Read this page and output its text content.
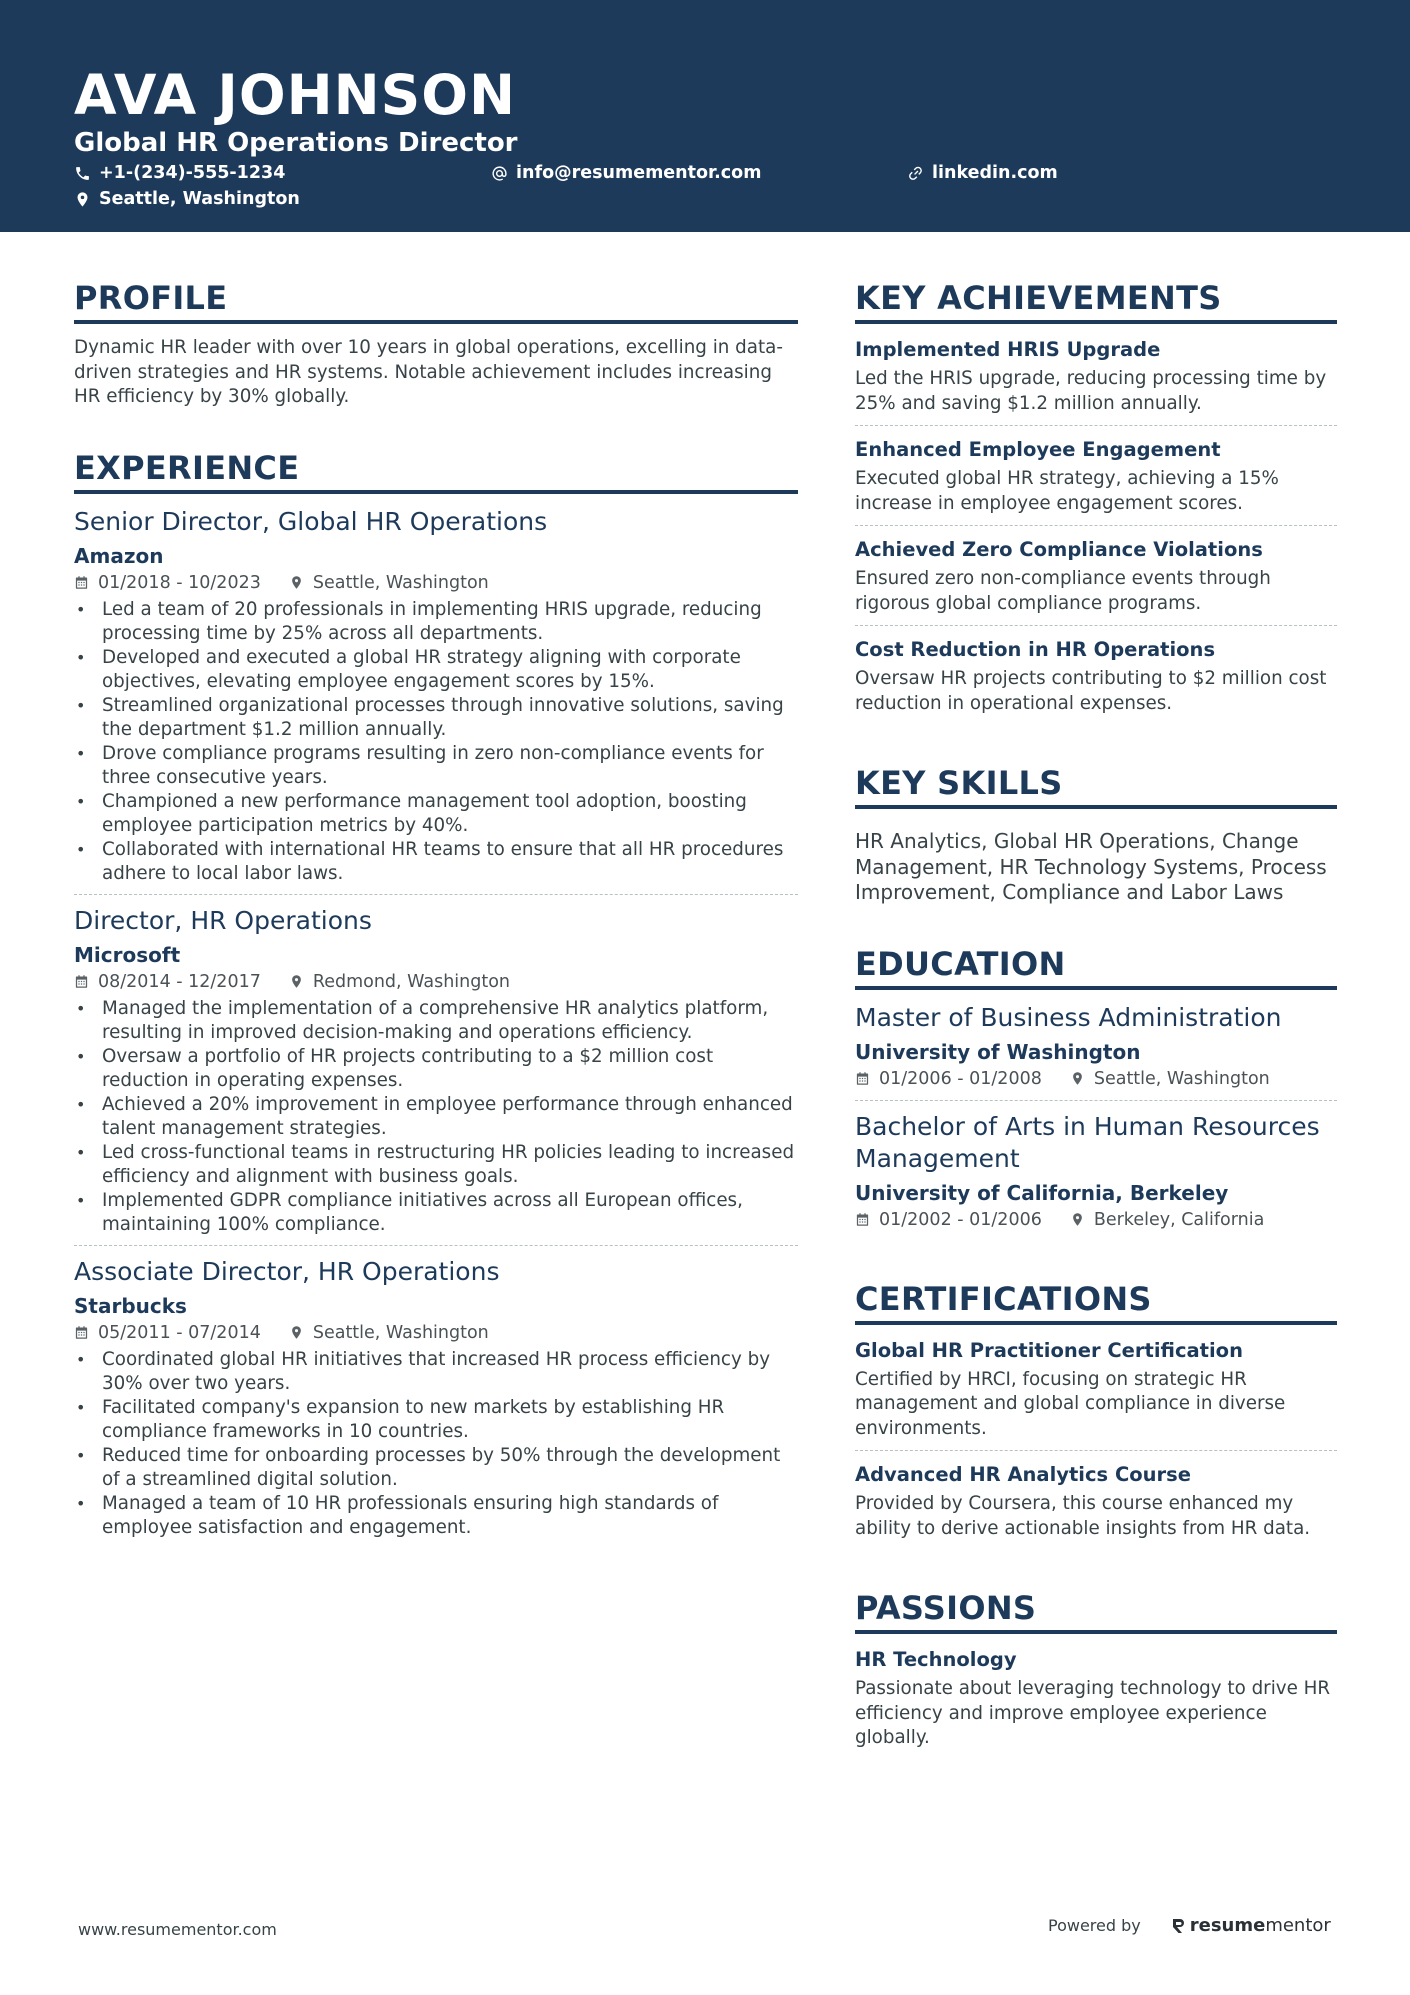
AVA JOHNSON
Global HR Operations Director
+1-(234)-555-1234	info@resumementor.com	linkedin.com
Seattle, Washington
PROFILE
Dynamic HR leader with over 10 years in global operations, excelling in data-driven strategies and HR systems. Notable achievement includes increasing HR efficiency by 30% globally.
EXPERIENCE
Senior Director, Global HR Operations
Amazon
01/2018 - 10/2023	Seattle, Washington
• Led a team of 20 professionals in implementing HRIS upgrade, reducing processing time by 25% across all departments.
• Developed and executed a global HR strategy aligning with corporate objectives, elevating employee engagement scores by 15%.
• Streamlined organizational processes through innovative solutions, saving the department $1.2 million annually.
• Drove compliance programs resulting in zero non-compliance events for three consecutive years.
• Championed a new performance management tool adoption, boosting employee participation metrics by 40%.
• Collaborated with international HR teams to ensure that all HR procedures adhere to local labor laws.
Director, HR Operations
Microsoft
08/2014 - 12/2017	Redmond, Washington
• Managed the implementation of a comprehensive HR analytics platform, resulting in improved decision-making and operations efficiency.
• Oversaw a portfolio of HR projects contributing to a $2 million cost reduction in operating expenses.
• Achieved a 20% improvement in employee performance through enhanced talent management strategies.
• Led cross-functional teams in restructuring HR policies leading to increased efficiency and alignment with business goals.
• Implemented GDPR compliance initiatives across all European offices, maintaining 100% compliance.
Associate Director, HR Operations
Starbucks
05/2011 - 07/2014	Seattle, Washington
• Coordinated global HR initiatives that increased HR process efficiency by 30% over two years.
• Facilitated company's expansion to new markets by establishing HR compliance frameworks in 10 countries.
• Reduced time for onboarding processes by 50% through the development of a streamlined digital solution.
• Managed a team of 10 HR professionals ensuring high standards of employee satisfaction and engagement.
KEY ACHIEVEMENTS
Implemented HRIS Upgrade
Led the HRIS upgrade, reducing processing time by 25% and saving $1.2 million annually.
Enhanced Employee Engagement
Executed global HR strategy, achieving a 15% increase in employee engagement scores.
Achieved Zero Compliance Violations
Ensured zero non-compliance events through rigorous global compliance programs.
Cost Reduction in HR Operations
Oversaw HR projects contributing to $2 million cost reduction in operational expenses.
KEY SKILLS
HR Analytics, Global HR Operations, Change Management, HR Technology Systems, Process Improvement, Compliance and Labor Laws
EDUCATION
Master of Business Administration
University of Washington
01/2006 - 01/2008	Seattle, Washington
Bachelor of Arts in Human Resources Management
University of California, Berkeley
01/2002 - 01/2006	Berkeley, California
CERTIFICATIONS
Global HR Practitioner Certification
Certified by HRCI, focusing on strategic HR management and global compliance in diverse environments.
Advanced HR Analytics Course
Provided by Coursera, this course enhanced my ability to derive actionable insights from HR data.
PASSIONS
HR Technology
Passionate about leveraging technology to drive HR efficiency and improve employee experience globally.
www.resumementor.com	Powered by	resume mentor
